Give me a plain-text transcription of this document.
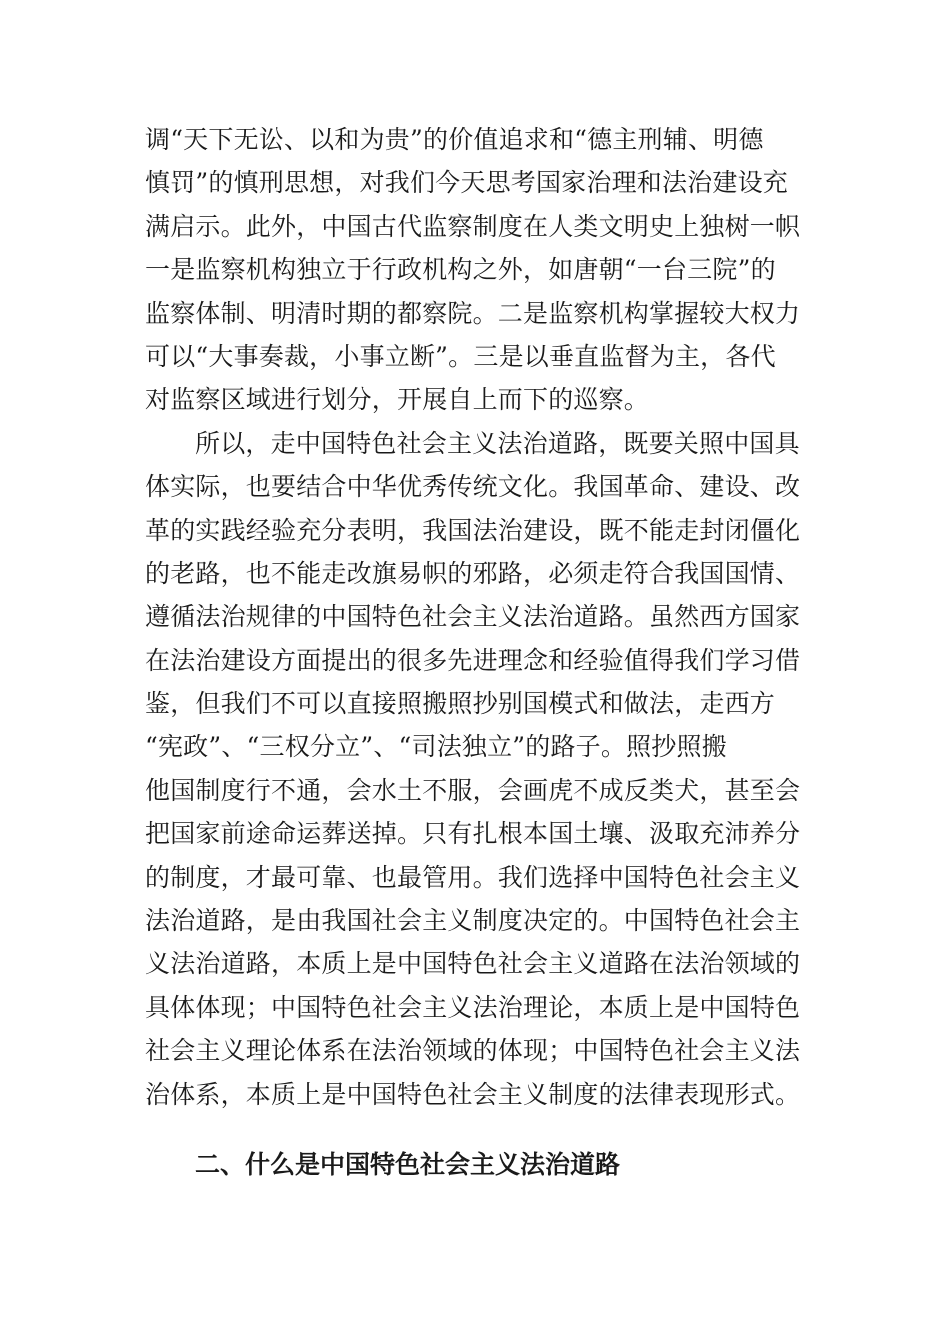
调“天下无讼、以和为贵”的价值追求和“德主刑辅、明德
慎罚”的慎刑思想，对我们今天思考国家治理和法治建设充
满启示。此外，中国古代监察制度在人类文明史上独树一帜
一是监察机构独立于行政机构之外，如唐朝“一台三院”的
监察体制、明清时期的都察院。二是监察机构掌握较大权力
可以“大事奏裁，小事立断”。三是以垂直监督为主，各代
对监察区域进行划分，开展自上而下的巡察。
所以，走中国特色社会主义法治道路，既要关照中国具
体实际，也要结合中华优秀传统文化。我国革命、建设、改
革的实践经验充分表明，我国法治建设，既不能走封闭僵化
的老路，也不能走改旗易帜的邪路，必须走符合我国国情、
遵循法治规律的中国特色社会主义法治道路。虽然西方国家
在法治建设方面提出的很多先进理念和经验值得我们学习借
鉴，但我们不可以直接照搬照抄别国模式和做法，走西方
“宪政”、“三权分立”、“司法独立”的路子。照抄照搬
他国制度行不通，会水土不服，会画虎不成反类犬，甚至会
把国家前途命运葬送掉。只有扎根本国土壤、汲取充沛养分
的制度，才最可靠、也最管用。我们选择中国特色社会主义
法治道路，是由我国社会主义制度决定的。中国特色社会主
义法治道路，本质上是中国特色社会主义道路在法治领域的
具体体现；中国特色社会主义法治理论，本质上是中国特色
社会主义理论体系在法治领域的体现；中国特色社会主义法
治体系，本质上是中国特色社会主义制度的法律表现形式。
二、什么是中国特色社会主义法治道路
